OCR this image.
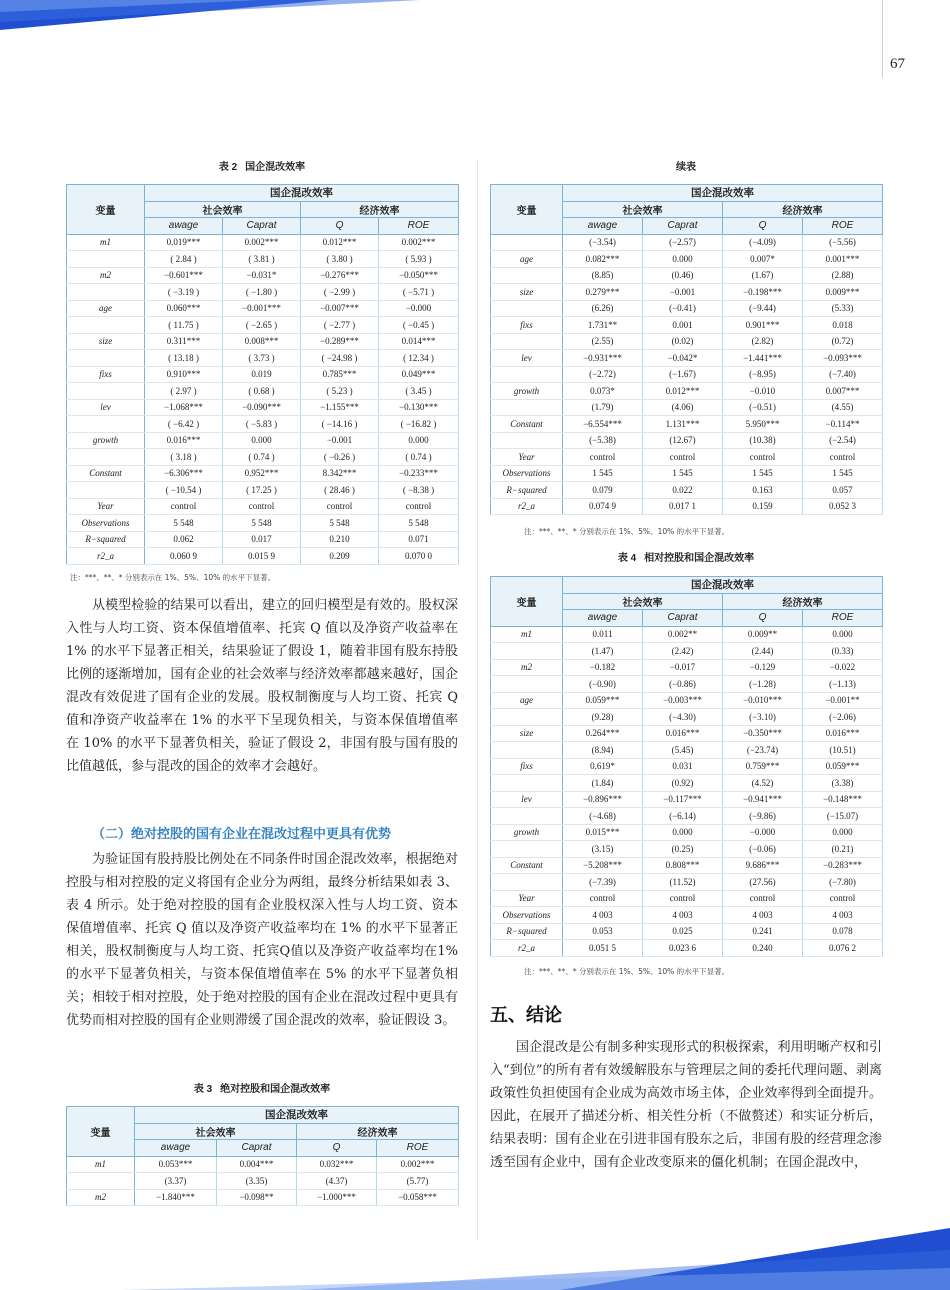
67
表 2 国企混改效率
变量	国企混改效率			
	社会效率		经济效率	
	awage	Caprat	Q	ROE
m1	0.019***	0.002***	0.012***	0.002***
	( 2.84 )	( 3.81 )	( 3.80 )	( 5.93 )
m2	−0.601***	−0.031*	−0.276***	−0.050***
	( −3.19 )	( −1.80 )	( −2.99 )	( −5.71 )
age	0.060***	−0.001***	−0.007***	−0.000
	( 11.75 )	( −2.65 )	( −2.77 )	( −0.45 )
size	0.311***	0.008***	−0.289***	0.014***
	( 13.18 )	( 3.73 )	( −24.98 )	( 12.34 )
fixs	0.910***	0.019	0.785***	0.049***
	( 2.97 )	( 0.68 )	( 5.23 )	( 3.45 )
lev	−1.068***	−0.090***	−1.155***	−0.130***
	( −6.42 )	( −5.83 )	( −14.16 )	( −16.82 )
growth	0.016***	0.000	−0.001	0.000
	( 3.18 )	( 0.74 )	( −0.26 )	( 0.74 )
Constant	−6.306***	0.952***	8.342***	−0.233***
	( −10.54 )	( 17.25 )	( 28.46 )	( −8.38 )
Year	control	control	control	control
Observations	5 548	5 548	5 548	5 548
R−squared	0.062	0.017	0.210	0.071
r2_a	0.060 9	0.015 9	0.209	0.070 0
注：***、**、* 分别表示在 1%、5%、10% 的水平下显著。

从模型检验的结果可以看出，建立的回归模型是有效的。股权深入性与人均工资、资本保值增值率、托宾 Q 值以及净资产收益率在 1% 的水平下显著正相关，结果验证了假设 1，随着非国有股东持股比例的逐渐增加，国有企业的社会效率与经济效率都越来越好，国企混改有效促进了国有企业的发展。股权制衡度与人均工资、托宾 Q 值和净资产收益率在 1% 的水平下呈现负相关，与资本保值增值率在 10% 的水平下显著负相关，验证了假设 2，非国有股与国有股的比值越低，参与混改的国企的效率才会越好。

（二）绝对控股的国有企业在混改过程中更具有优势

为验证国有股持股比例处在不同条件时国企混改效率，根据绝对控股与相对控股的定义将国有企业分为两组，最终分析结果如表 3、表 4 所示。处于绝对控股的国有企业股权深入性与人均工资、资本保值增值率、托宾 Q 值以及净资产收益率均在 1% 的水平下显著正相关，股权制衡度与人均工资、托宾Q值以及净资产收益率均在1%的水平下显著负相关，与资本保值增值率在 5% 的水平下显著负相关；相较于相对控股，处于绝对控股的国有企业在混改过程中更具有优势而相对控股的国有企业则滞缓了国企混改的效率，验证假设 3。

表 3 绝对控股和国企混改效率
变量	国企混改效率			
	社会效率		经济效率	
	awage	Caprat	Q	ROE
m1	0.053***	0.004***	0.032***	0.002***
	(3.37)	(3.35)	(4.37)	(5.77)
m2	−1.840***	−0.098**	−1.000***	−0.058***
续表
变量	国企混改效率			
	社会效率		经济效率	
	awage	Caprat	Q	ROE
	(−3.54)	(−2.57)	(−4.09)	(−5.56)
age	0.082***	0.000	0.007*	0.001***
	(8.85)	(0.46)	(1.67)	(2.88)
size	0.279***	−0.001	−0.198***	0.009***
	(6.26)	(−0.41)	(−9.44)	(5.33)
fixs	1.731**	0.001	0.901***	0.018
	(2.55)	(0.02)	(2.82)	(0.72)
lev	−0.931***	−0.042*	−1.441***	−0.093***
	(−2.72)	(−1.67)	(−8.95)	(−7.40)
growth	0.073*	0.012***	−0.010	0.007***
	(1.79)	(4.06)	(−0.51)	(4.55)
Constant	−6.554***	1.131***	5.950***	−0.114**
	(−5.38)	(12.67)	(10.38)	(−2.54)
Year	control	control	control	control
Observations	1 545	1 545	1 545	1 545
R−squared	0.079	0.022	0.163	0.057
r2_a	0.074 9	0.017 1	0.159	0.052 3
注：***、**、* 分别表示在 1%、5%、10% 的水平下显著。
表 4 相对控股和国企混改效率
变量	国企混改效率			
	社会效率		经济效率	
	awage	Caprat	Q	ROE
m1	0.011	0.002**	0.009**	0.000
	(1.47)	(2.42)	(2.44)	(0.33)
m2	−0.182	−0.017	−0.129	−0.022
	(−0.90)	(−0.86)	(−1.28)	(−1.13)
age	0.059***	−0.003***	−0.010***	−0.001**
	(9.28)	(−4.30)	(−3.10)	(−2.06)
size	0.264***	0.016***	−0.350***	0.016***
	(8.94)	(5.45)	(−23.74)	(10.51)
fixs	0.619*	0.031	0.759***	0.059***
	(1.84)	(0.92)	(4.52)	(3.38)
lev	−0.896***	−0.117***	−0.941***	−0.148***
	(−4.68)	(−6.14)	(−9.86)	(−15.07)
growth	0.015***	0.000	−0.000	0.000
	(3.15)	(0.25)	(−0.06)	(0.21)
Constant	−5.208***	0.808***	9.686***	−0.283***
	(−7.39)	(11.52)	(27.56)	(−7.80)
Year	control	control	control	control
Observations	4 003	4 003	4 003	4 003
R−squared	0.053	0.025	0.241	0.078
r2_a	0.051 5	0.023 6	0.240	0.076 2
注：***、**、* 分别表示在 1%、5%、10% 的水平下显著。
五、结论

国企混改是公有制多种实现形式的积极探索，利用明晰产权和引入“到位”的所有者有效缓解股东与管理层之间的委托代理问题、剥离政策性负担使国有企业成为高效市场主体，企业效率得到全面提升。因此，在展开了描述分析、相关性分析（不做赘述）和实证分析后，结果表明：国有企业在引进非国有股东之后，非国有股的经营理念渗透至国有企业中，国有企业改变原来的僵化机制；在国企混改中，
